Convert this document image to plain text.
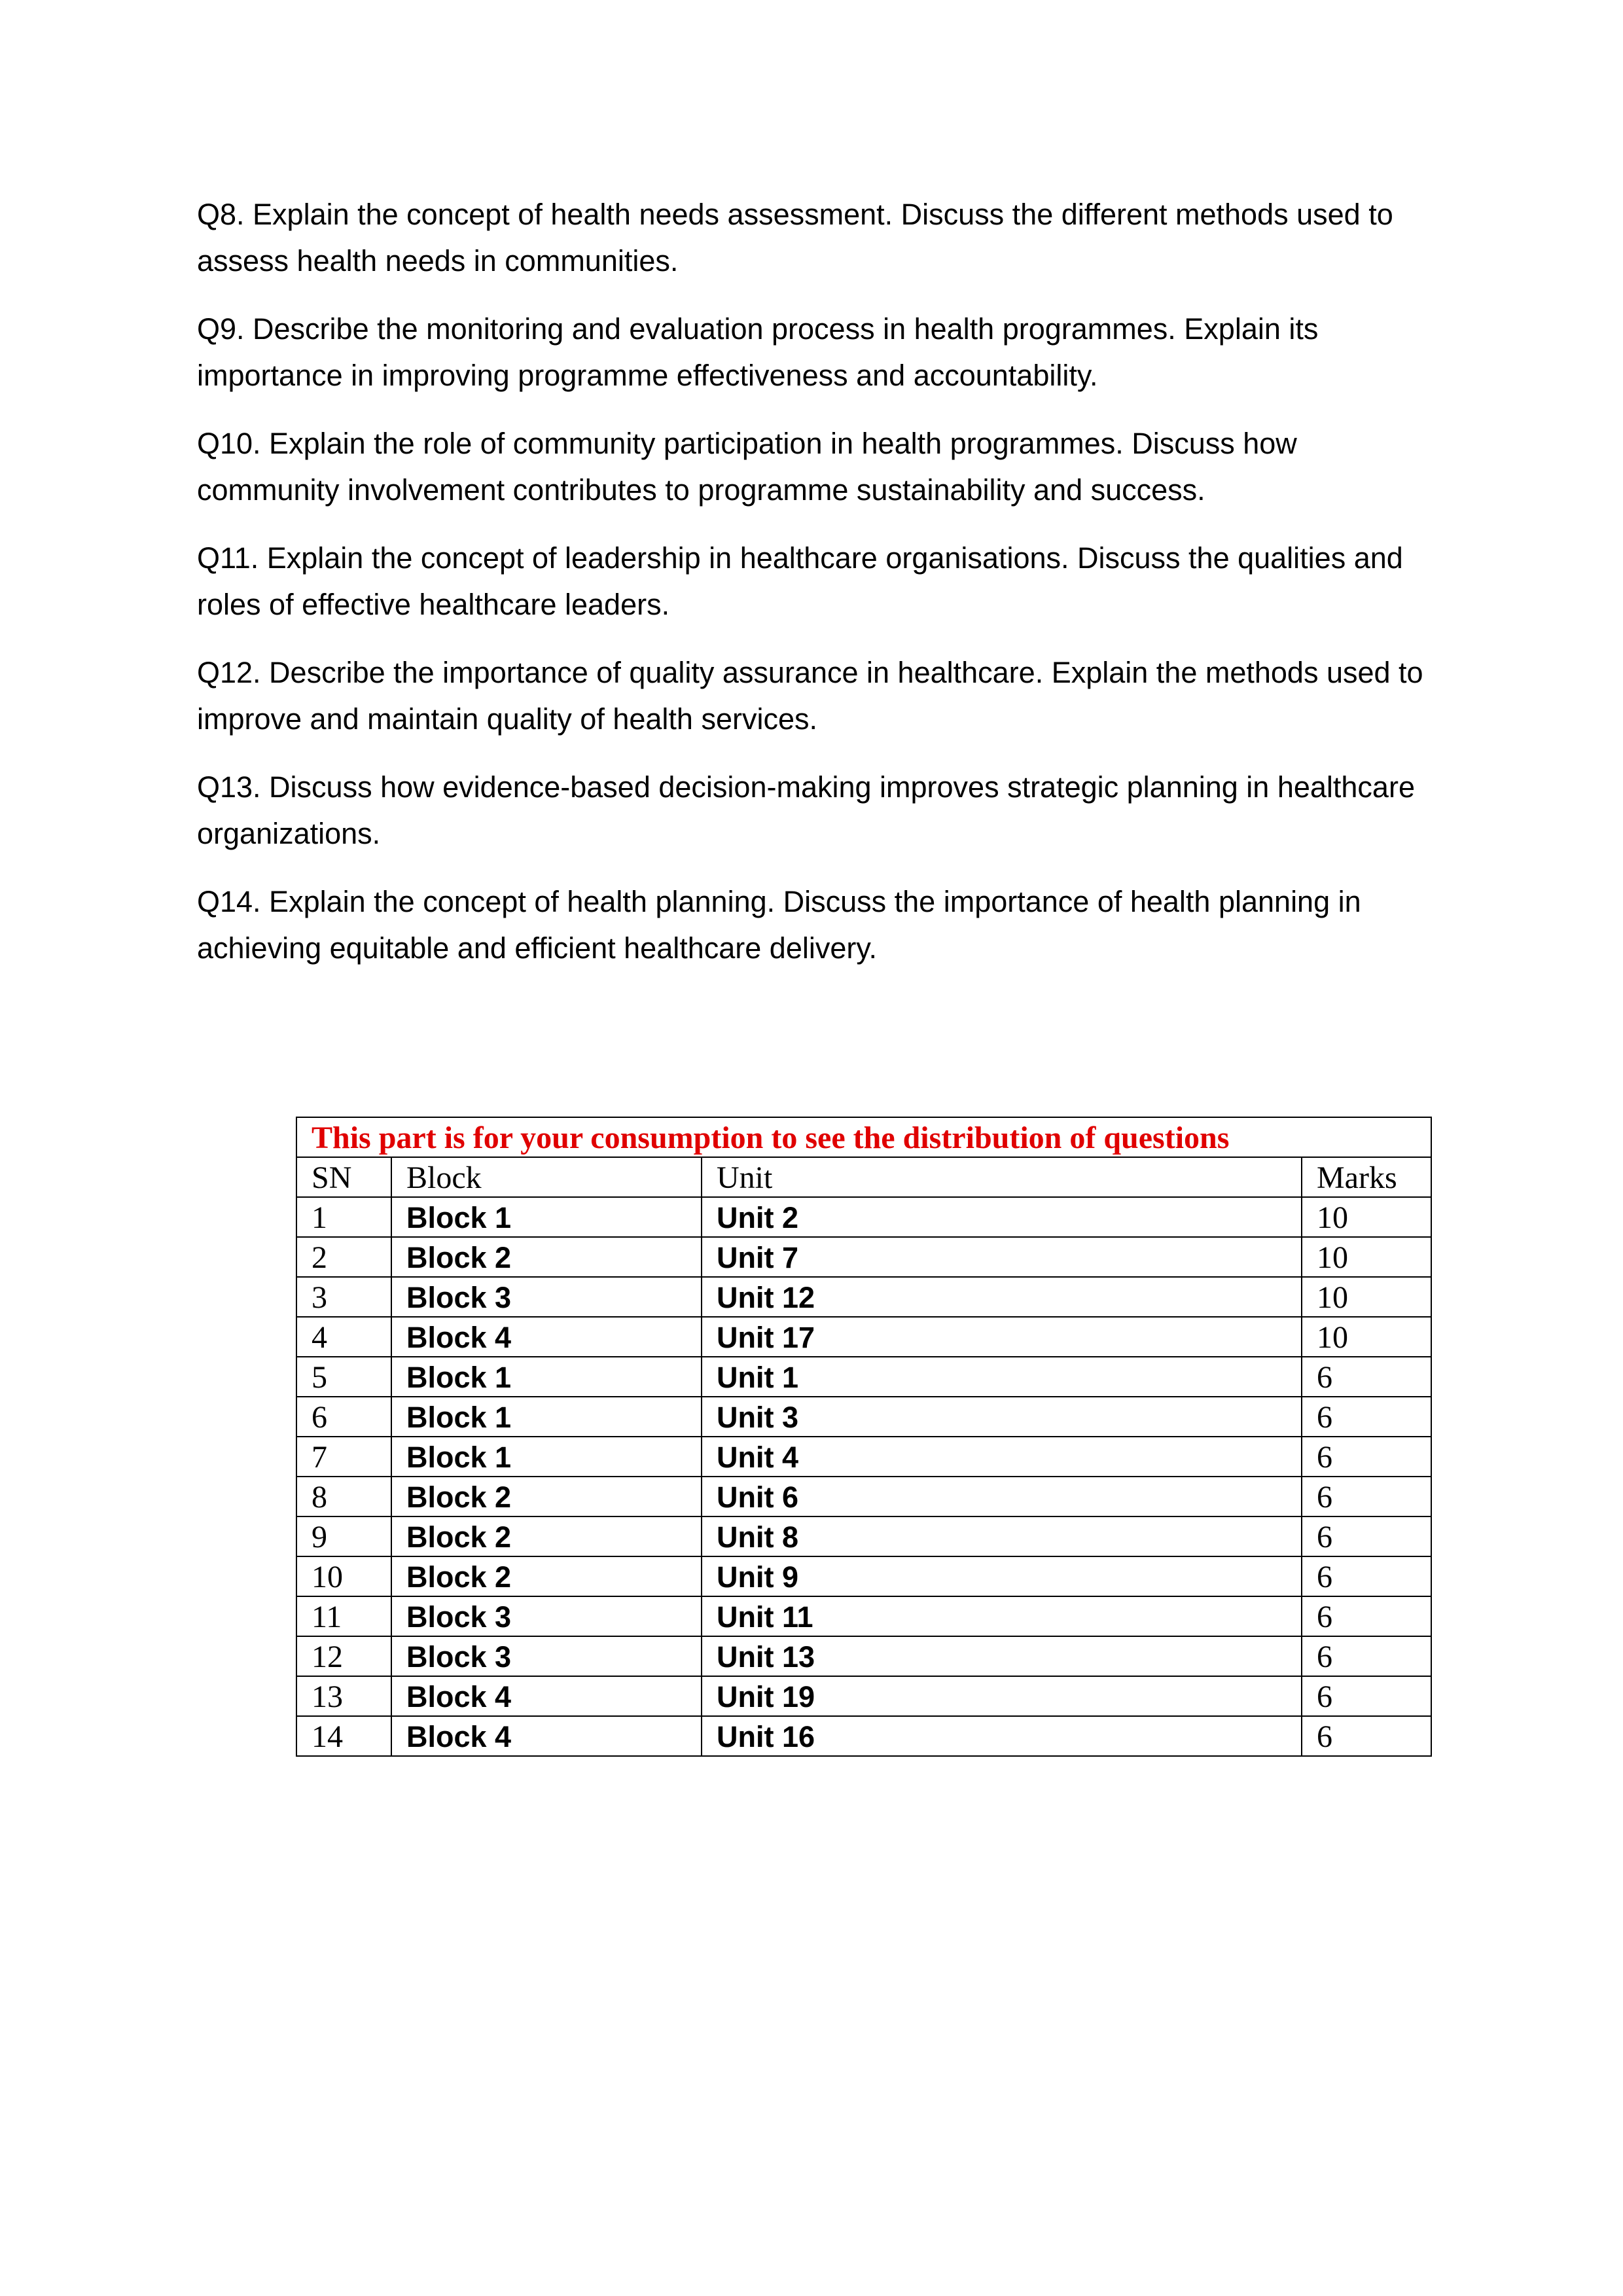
Q8. Explain the concept of health needs assessment. Discuss the different methods used to assess health needs in communities.

Q9. Describe the monitoring and evaluation process in health programmes. Explain its importance in improving programme effectiveness and accountability.

Q10. Explain the role of community participation in health programmes. Discuss how community involvement contributes to programme sustainability and success.

Q11. Explain the concept of leadership in healthcare organisations. Discuss the qualities and roles of effective healthcare leaders.

Q12. Describe the importance of quality assurance in healthcare. Explain the methods used to improve and maintain quality of health services.

Q13. Discuss how evidence-based decision-making improves strategic planning in healthcare organizations.

Q14. Explain the concept of health planning. Discuss the importance of health planning in achieving equitable and efficient healthcare delivery.

This part is for your consumption to see the distribution of questions			
SN	Block	Unit	Marks
1	Block 1	Unit 2	10
2	Block 2	Unit 7	10
3	Block 3	Unit 12	10
4	Block 4	Unit 17	10
5	Block 1	Unit 1	6
6	Block 1	Unit 3	6
7	Block 1	Unit 4	6
8	Block 2	Unit 6	6
9	Block 2	Unit 8	6
10	Block 2	Unit 9	6
11	Block 3	Unit 11	6
12	Block 3	Unit 13	6
13	Block 4	Unit 19	6
14	Block 4	Unit 16	6
